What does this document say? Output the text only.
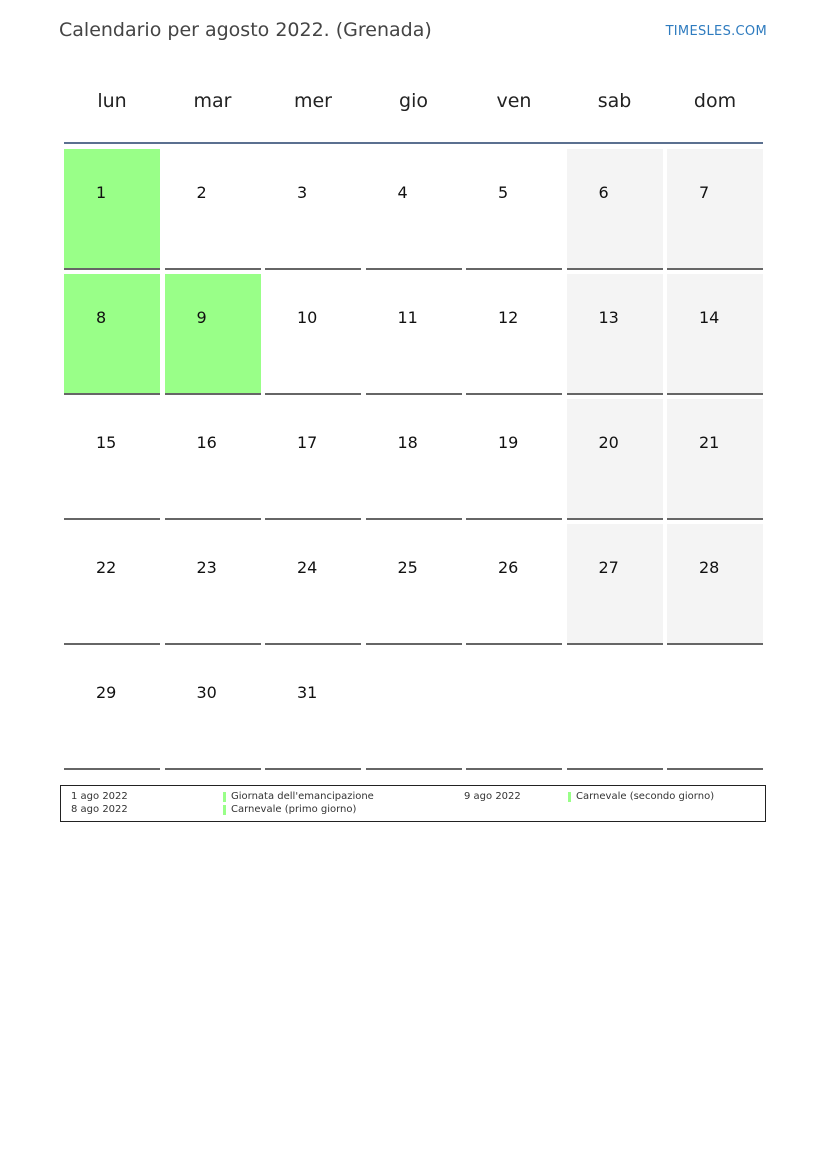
Calendario per agosto 2022. (Grenada)	TIMESLES.COM
lun	mar	mer	gio	ven	sab	dom
1	2	3	4	5	6	7
8	9	10	11	12	13	14
15	16	17	18	19	20	21
22	23	24	25	26	27	28
29	30	31
1 ago 2022	Giornata dell'emancipazione	9 ago 2022	Carnevale (secondo giorno)
8 ago 2022	Carnevale (primo giorno)
